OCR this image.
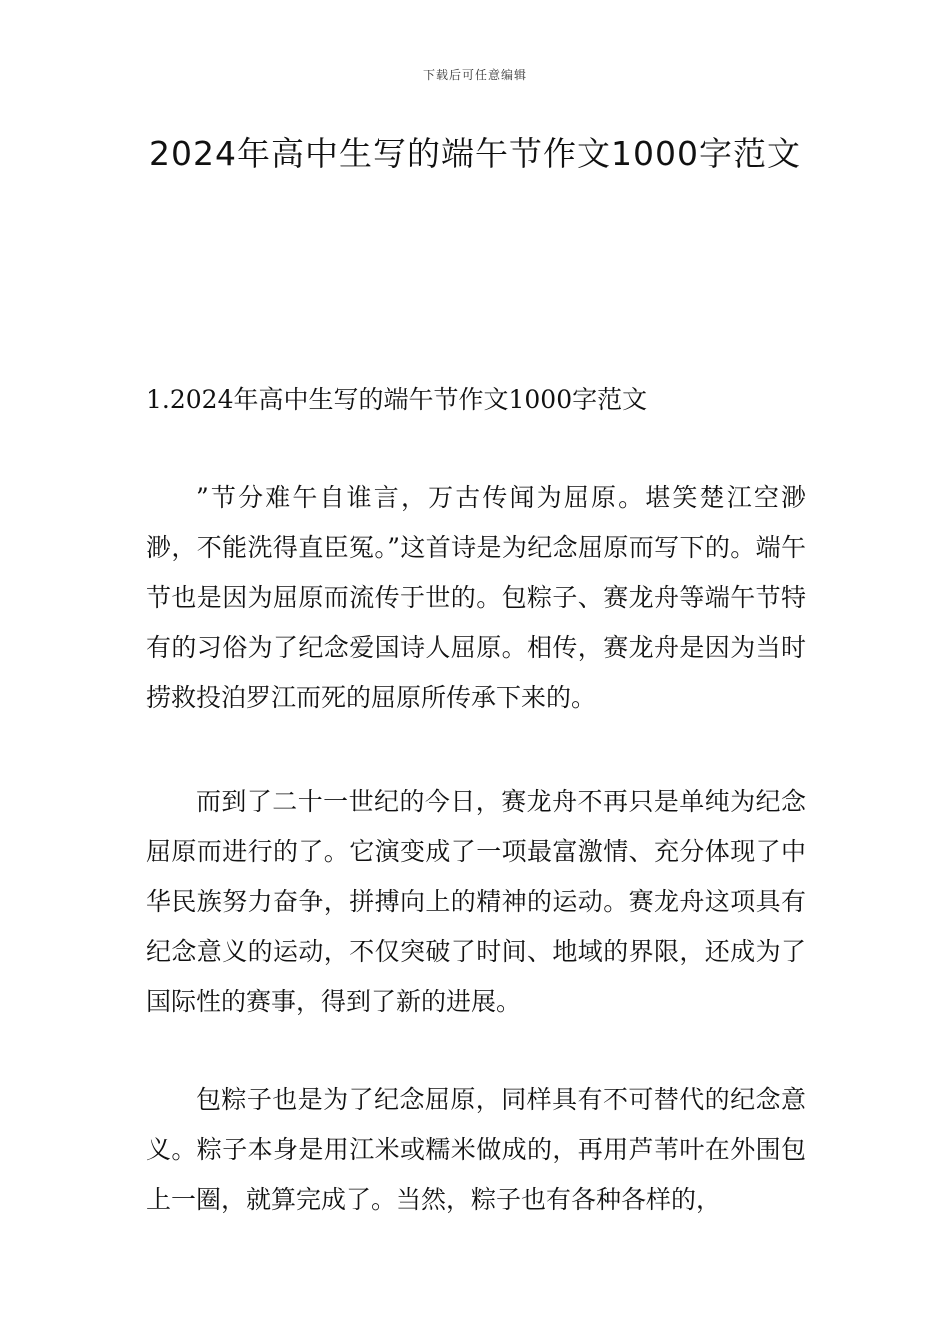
下载后可任意编辑
2024年高中生写的端午节作文1000字范文
1.2024年高中生写的端午节作文1000字范文

”节分难午自谁言，万古传闻为屈原。堪笑楚江空渺渺，不能洗得直臣冤。”这首诗是为纪念屈原而写下的。端午节也是因为屈原而流传于世的。包粽子、赛龙舟等端午节特有的习俗为了纪念爱国诗人屈原。相传，赛龙舟是因为当时捞救投泊罗江而死的屈原所传承下来的。

而到了二十一世纪的今日，赛龙舟不再只是单纯为纪念屈原而进行的了。它演变成了一项最富激情、充分体现了中华民族努力奋争，拼搏向上的精神的运动。赛龙舟这项具有纪念意义的运动，不仅突破了时间、地域的界限，还成为了国际性的赛事，得到了新的进展。

包粽子也是为了纪念屈原，同样具有不可替代的纪念意义。粽子本身是用江米或糯米做成的，再用芦苇叶在外围包上一圈，就算完成了。当然，粽子也有各种各样的，
